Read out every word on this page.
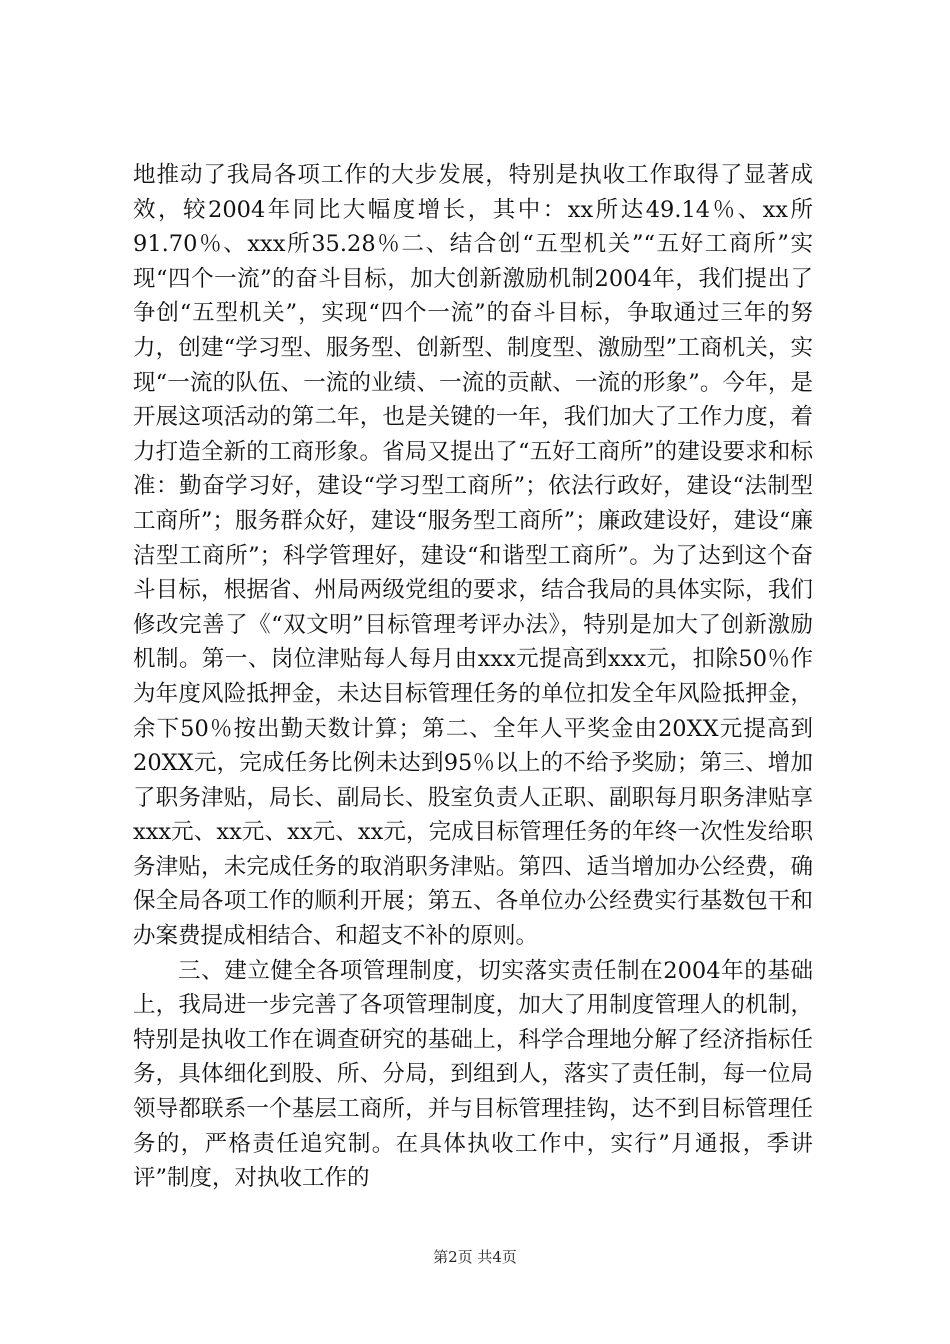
地推动了我局各项工作的大步发展，特别是执收工作取得了显著成效，较2004年同比大幅度增长，其中：xx所达49.14％、xx所91.70％、xxx所35.28％二、结合创“五型机关”“五好工商所”实现“四个一流”的奋斗目标，加大创新激励机制2004年，我们提出了争创“五型机关”，实现“四个一流”的奋斗目标，争取通过三年的努力，创建“学习型、服务型、创新型、制度型、激励型”工商机关，实现“一流的队伍、一流的业绩、一流的贡献、一流的形象”。今年，是开展这项活动的第二年，也是关键的一年，我们加大了工作力度，着力打造全新的工商形象。省局又提出了“五好工商所”的建设要求和标准：勤奋学习好，建设“学习型工商所”；依法行政好，建设“法制型工商所”；服务群众好，建设“服务型工商所”；廉政建设好，建设“廉洁型工商所”；科学管理好，建设“和谐型工商所”。为了达到这个奋斗目标，根据省、州局两级党组的要求，结合我局的具体实际，我们修改完善了《“双文明”目标管理考评办法》，特别是加大了创新激励机制。第一、岗位津贴每人每月由xxx元提高到xxx元，扣除50％作为年度风险抵押金，未达目标管理任务的单位扣发全年风险抵押金，余下50％按出勤天数计算；第二、全年人平奖金由20XX元提高到20XX元，完成任务比例未达到95％以上的不给予奖励；第三、增加了职务津贴，局长、副局长、股室负责人正职、副职每月职务津贴享xxx元、xx元、xx元、xx元，完成目标管理任务的年终一次性发给职务津贴，未完成任务的取消职务津贴。第四、适当增加办公经费，确保全局各项工作的顺利开展；第五、各单位办公经费实行基数包干和办案费提成相结合、和超支不补的原则。

三、建立健全各项管理制度，切实落实责任制在2004年的基础上，我局进一步完善了各项管理制度，加大了用制度管理人的机制，特别是执收工作在调查研究的基础上，科学合理地分解了经济指标任务，具体细化到股、所、分局，到组到人，落实了责任制，每一位局领导都联系一个基层工商所，并与目标管理挂钩，达不到目标管理任务的，严格责任追究制。在具体执收工作中，实行”月通报，季讲评”制度，对执收工作的

第2页 共4页
